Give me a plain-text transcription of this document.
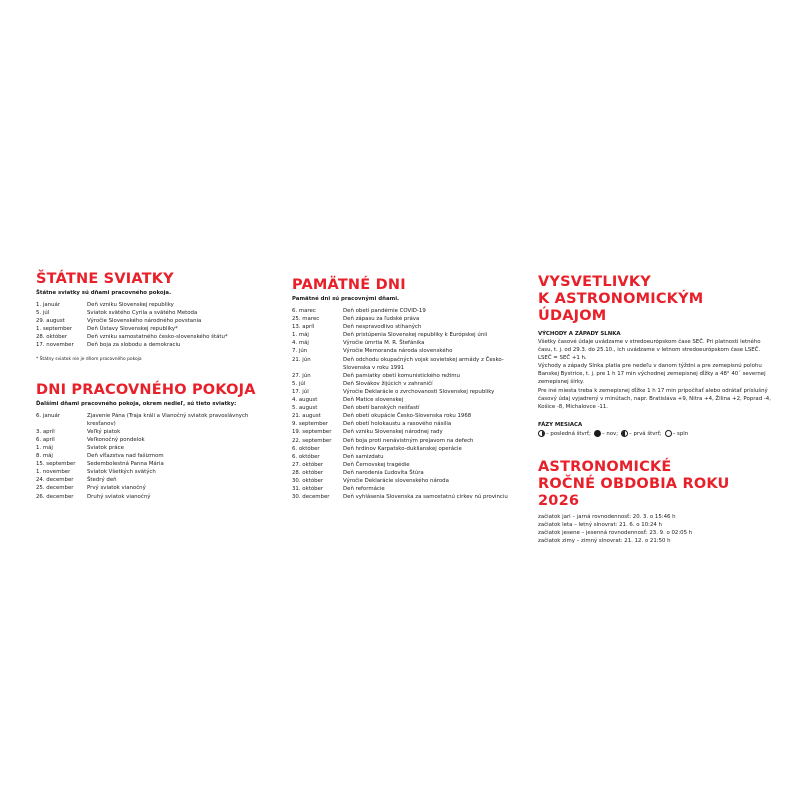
ŠTÁTNE SVIATKY
Štátne sviatky sú dňami pracovného pokoja.
1. január	Deň vzniku Slovenskej republiky
5. júl	Sviatok svätého Cyrila a svätého Metoda
29. august	Výročie Slovenského národného povstania
1. september	Deň Ústavy Slovenskej republiky*
28. október	Deň vzniku samostatného česko-slovenského štátu*
17. november	Deň boja za slobodu a demokraciu
* Štátny sviatok nie je dňom pracovného pokoja
DNI PRACOVNÉHO POKOJA
Ďalšími dňami pracovného pokoja, okrem nedieľ, sú tieto sviatky:
6. január	Zjavenie Pána (Traja králi a Vianočný sviatok pravoslávnych kresťanov)
3. apríl	Veľký piatok
6. apríl	Veľkonočný pondelok
1. máj	Sviatok práce
8. máj	Deň víťazstva nad fašizmom
15. september	Sedembolestná Panna Mária
1. november	Sviatok Všetkých svätých
24. december	Štedrý deň
25. december	Prvý sviatok vianočný
26. december	Druhý sviatok vianočný
PAMÄTNÉ DNI
Pamätné dni sú pracovnými dňami.
6. marec	Deň obetí pandémie COVID-19
25. marec	Deň zápasu za ľudské práva
13. apríl	Deň nespravodlivo stíhaných
1. máj	Deň pristúpenia Slovenskej republiky k Európskej únii
4. máj	Výročie úmrtia M. R. Štefánika
7. jún	Výročie Memoranda národa slovenského
21. jún	Deň odchodu okupačných vojsk sovietskej armády z Česko-Slovenska v roku 1991
27. jún	Deň pamiatky obetí komunistického režimu
5. júl	Deň Slovákov žijúcich v zahraničí
17. júl	Výročie Deklarácie o zvrchovanosti Slovenskej republiky
4. august	Deň Matice slovenskej
5. august	Deň obetí banských nešťastí
21. august	Deň obetí okupácie Česko-Slovenska roku 1968
9. september	Deň obetí holokaustu a rasového násilia
19. september	Deň vzniku Slovenskej národnej rady
22. september	Deň boja proti nenávistným prejavom na defech
6. október	Deň hrdinov Karpatsko-duklianskej operácie
6. október	Deň samizdatu
27. október	Deň Černovskej tragédie
28. október	Deň narodenia Ľudovíta Štúra
30. október	Výročie Deklarácie slovenského národa
31. október	Deň reformácie
30. december	Deň vyhlásenia Slovenska za samostatnú cirkev nú provinciu
VYSVETLIVKY
K ASTRONOMICKÝM ÚDAJOM
VÝCHODY A ZÁPADY SLNKA

Všetky časové údaje uvádzame v stredoeurópskom čase SEČ. Pri platnosti letného času, t. j. od 29.3. do 25.10., ich uvádzame v letnom stredoeurópskom čase LSEČ. LSEČ = SEČ +1 h.

Východy a západy Slnka platia pre nedeľu v danom týždni a pre zemepisnú polohu Banskej Bystrice, t. j. pre 1 h 17 min východnej zemepisnej dĺžky a 48° 40´ severnej zemepisnej šírky.

Pre iné miesta treba k zemepisnej dĺžke 1 h 17 min pripočítať alebo odrátať príslušný časový údaj vyjadrený v minútach, napr. Bratislava +9, Nitra +4, Žilina +2, Poprad -4, Košice -8, Michalovce -11.

FÁZY MESIACA
– posledná štvrť;	– nov;	– prvá štvrť;	– spln
ASTRONOMICKÉ
ROČNÉ OBDOBIA ROKU 2026
začiatok jari – jarná rovnodennosť: 20. 3. o 15:46 h
začiatok leta – letný slnovrat: 21. 6. o 10:24 h
začiatok jesene – jesenná rovnodennosť: 23. 9. o 02:05 h
začiatok zimy – zimný slnovrat: 21. 12. o 21:50 h
